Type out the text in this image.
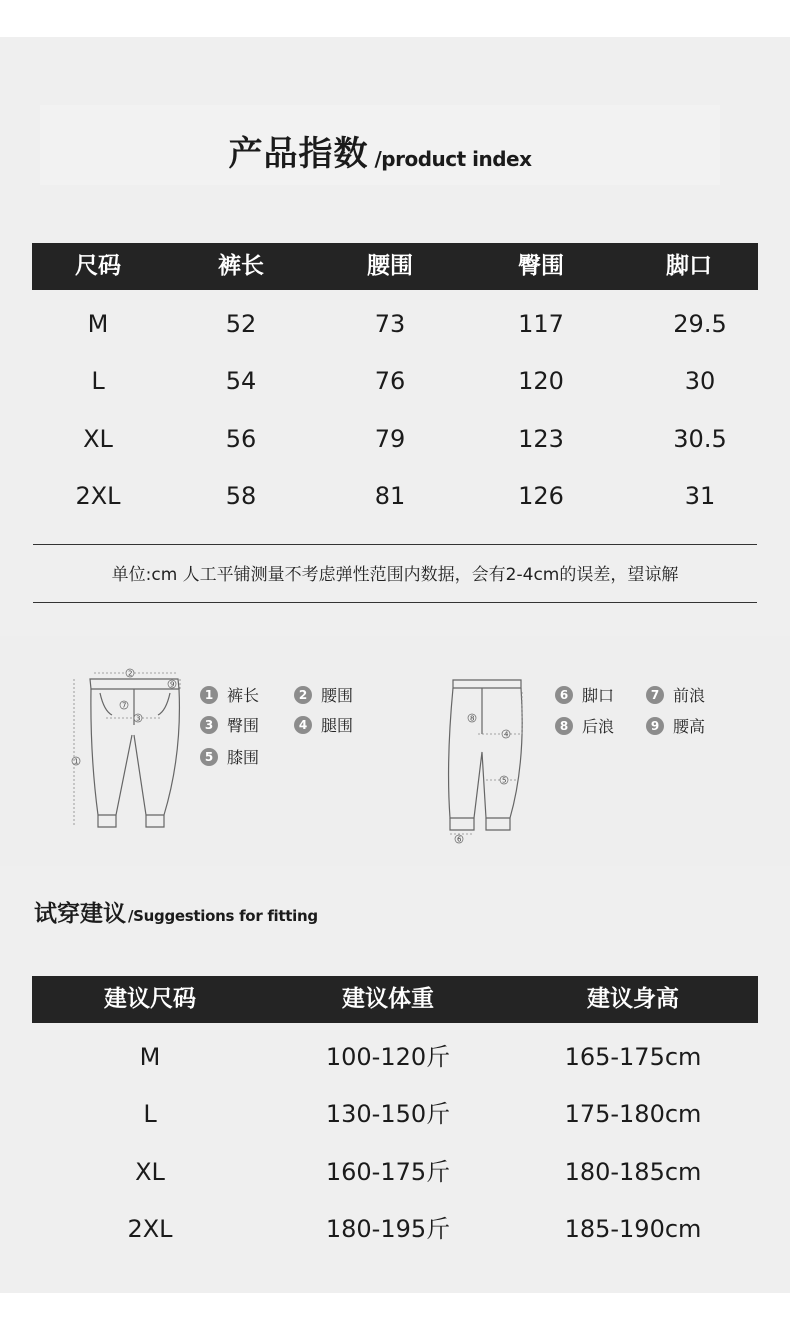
产品指数 /product index
尺码	裤长	腰围	臀围	脚口
M	52	73	117	29.5
L	54	76	120	30
XL	56	79	123	30.5
2XL	58	81	126	31
单位:cm 人工平铺测量不考虑弹性范围内数据，会有2-4cm的误差，望谅解
1
2
3
7
9
1 裤长	2 腰围
3 臀围	4 腿围
5 膝围
8
4
5
6
6 脚口	7 前浪
8 后浪	9 腰高
试穿建议 /Suggestions for fitting
建议尺码	建议体重	建议身高
M	100-120斤	165-175cm
L	130-150斤	175-180cm
XL	160-175斤	180-185cm
2XL	180-195斤	185-190cm
